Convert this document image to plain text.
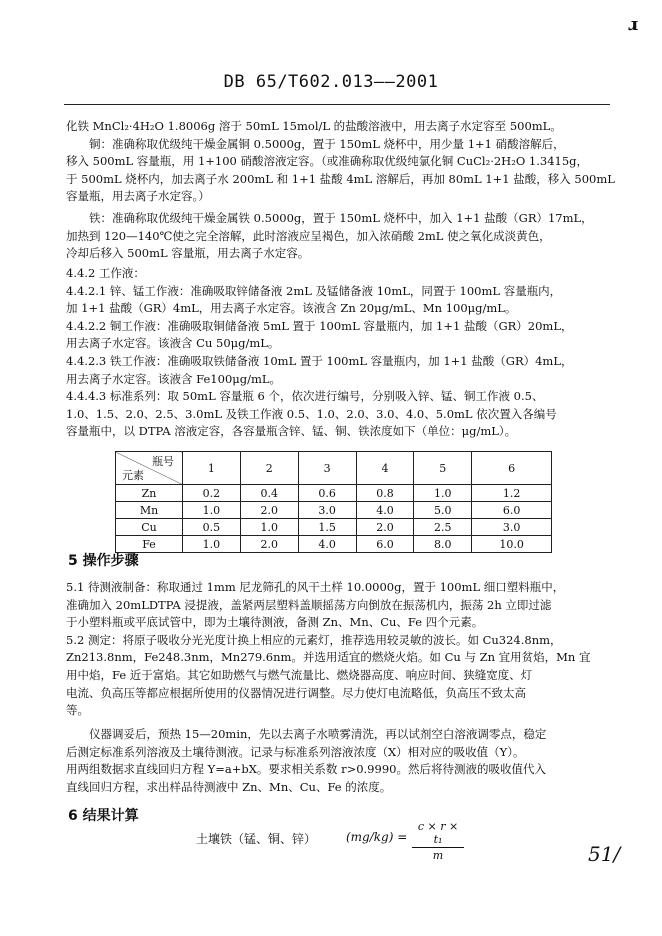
ɹ
DB 65/T602.013——2001
化铁 MnCl₂·4H₂O 1.8006g 溶于 50mL 15mol/L 的盐酸溶液中，用去离子水定容至 500mL。
　　铜：准确称取优级纯干燥金属铜 0.5000g，置于 150mL 烧杯中，用少量 1+1 硝酸溶解后，
移入 500mL 容量瓶，用 1+100 硝酸溶液定容。（或准确称取优级纯氯化铜 CuCl₂·2H₂O 1.3415g，
于 500mL 烧杯内，加去离子水 200mL 和 1+1 盐酸 4mL 溶解后，再加 80mL 1+1 盐酸，移入 500mL
容量瓶，用去离子水定容。）
　　铁：准确称取优级纯干燥金属铁 0.5000g，置于 150mL 烧杯中，加入 1+1 盐酸（GR）17mL，
加热到 120—140℃使之完全溶解，此时溶液应呈褐色，加入浓硝酸 2mL 使之氧化成淡黄色，
冷却后移入 500mL 容量瓶，用去离子水定容。
4.4.2 工作液：
4.4.2.1 锌、锰工作液：准确吸取锌储备液 2mL 及锰储备液 10mL，同置于 100mL 容量瓶内，
加 1+1 盐酸（GR）4mL，用去离子水定容。该液含 Zn 20μg/mL、Mn 100μg/mL。
4.4.2.2 铜工作液：准确吸取铜储备液 5mL 置于 100mL 容量瓶内，加 1+1 盐酸（GR）20mL，
用去离子水定容。该液含 Cu 50μg/mL。
4.4.2.3 铁工作液：准确吸取铁储备液 10mL 置于 100mL 容量瓶内，加 1+1 盐酸（GR）4mL，
用去离子水定容。该液含 Fe100μg/mL。
4.4.4.3 标准系列：取 50mL 容量瓶 6 个，依次进行编号，分别吸入锌、锰、铜工作液 0.5、
1.0、1.5、2.0、2.5、3.0mL 及铁工作液 0.5、1.0、2.0、3.0、4.0、5.0mL 依次置入各编号
容量瓶中，以 DTPA 溶液定容，各容量瓶含锌、锰、铜、铁浓度如下（单位：μg/mL）。
瓶号
元素	1	2	3	4	5	6
Zn	0.2	0.4	0.6	0.8	1.0	1.2
Mn	1.0	2.0	3.0	4.0	5.0	6.0
Cu	0.5	1.0	1.5	2.0	2.5	3.0
Fe	1.0	2.0	4.0	6.0	8.0	10.0
5 操作步骤
5.1 待测液制备：称取通过 1mm 尼龙筛孔的风干土样 10.0000g，置于 100mL 细口塑料瓶中，
准确加入 20mLDTPA 浸提液，盖紧两层塑料盖顺摇荡方向倒放在振荡机内，振荡 2h 立即过滤
于小塑料瓶或平底试管中，即为土壤待测液，备测 Zn、Mn、Cu、Fe 四个元素。
5.2 测定：将原子吸收分光光度计换上相应的元素灯，推荐选用较灵敏的波长。如 Cu324.8nm，
Zn213.8nm，Fe248.3nm，Mn279.6nm。并选用适宜的燃烧火焰。如 Cu 与 Zn 宜用贫焰，Mn 宜
用中焰，Fe 近于富焰。其它如助燃气与燃气流量比、燃烧器高度、响应时间、狭缝宽度、灯
电流、负高压等都应根据所使用的仪器情况进行调整。尽力使灯电流略低，负高压不致太高
等。
　　仪器调妥后，预热 15—20min，先以去离子水喷雾清洗，再以试剂空白溶液调零点，稳定
后测定标准系列溶液及土壤待测液。记录与标准系列溶液浓度（X）相对应的吸收值（Y）。
用两组数据求直线回归方程 Y=a+bX。要求相关系数 r>0.9990。然后将待测液的吸收值代入
直线回归方程，求出样品待测液中 Zn、Mn、Cu、Fe 的浓度。
6 结果计算
土壤铁（锰、铜、锌） (mg/kg) =
c × r × t₁
m	51/
